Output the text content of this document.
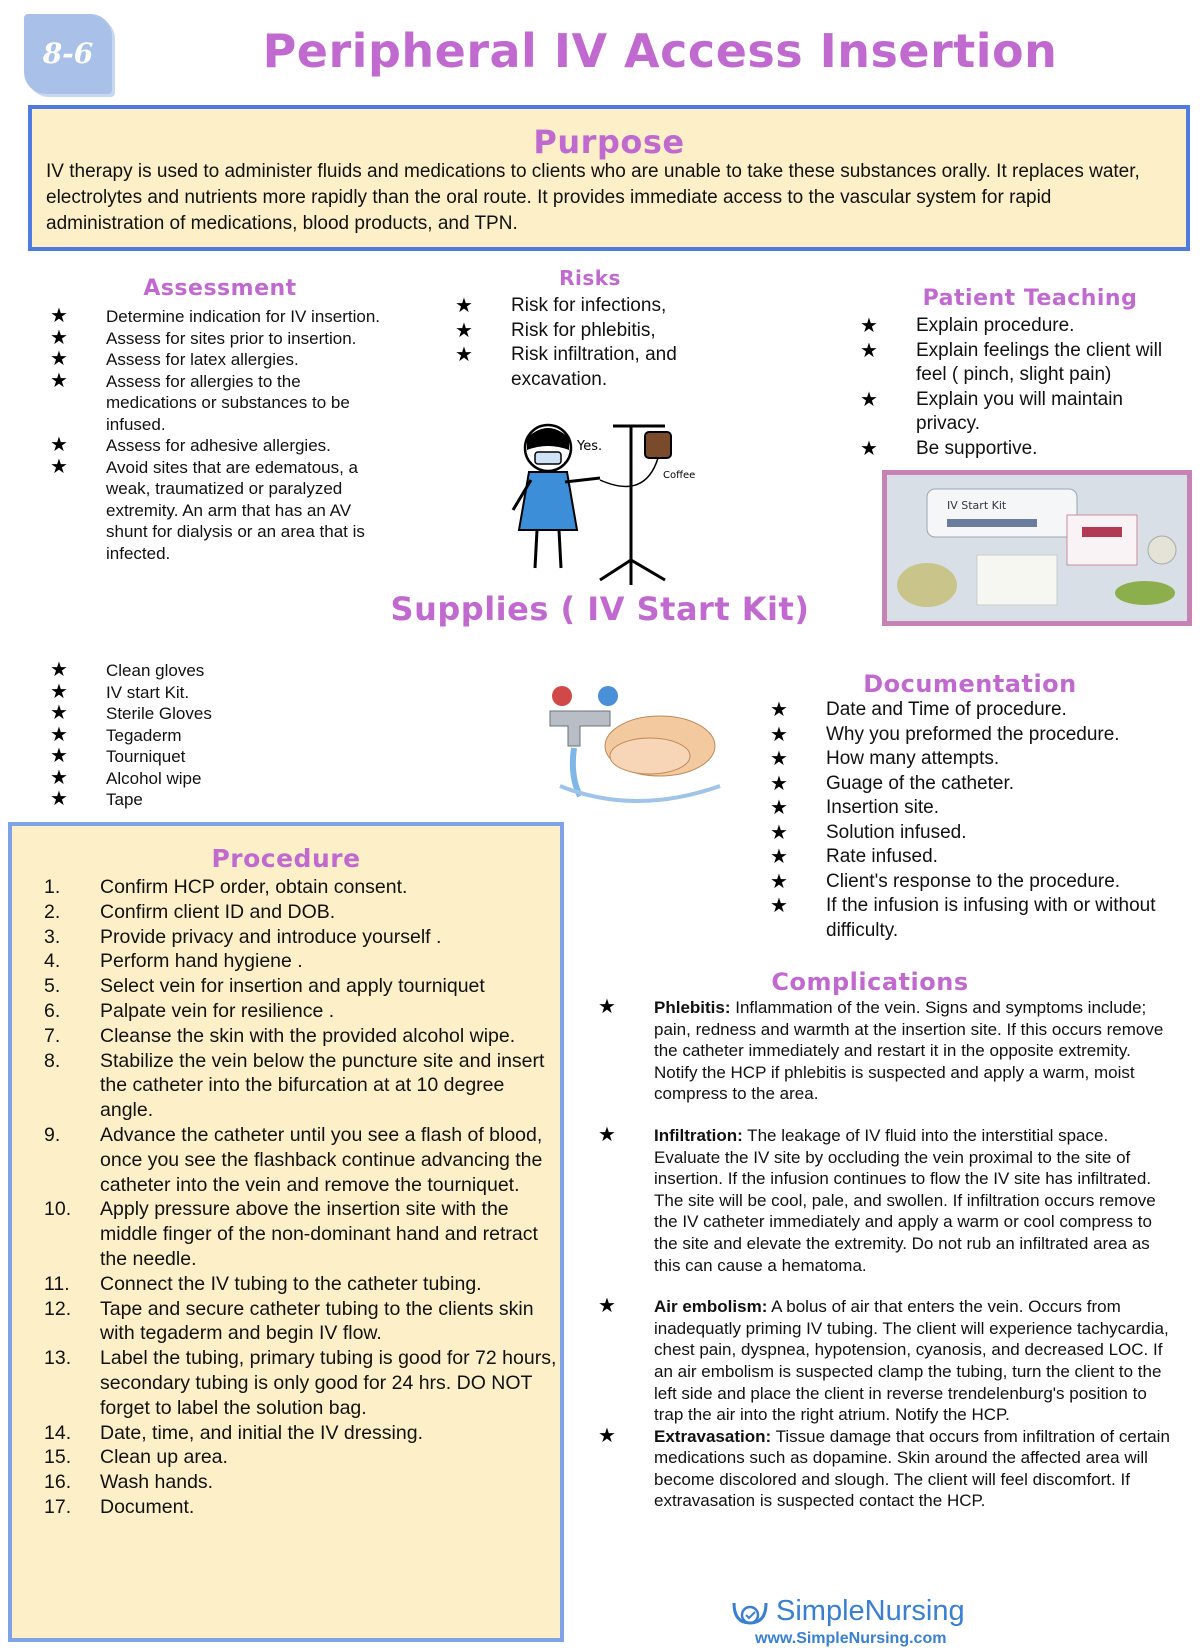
8-6	Peripheral IV Access Insertion
Purpose
IV therapy is used to administer fluids and medications to clients who are unable to take these substances orally. It replaces water, electrolytes and nutrients more rapidly than the oral route. It provides immediate access to the vascular system for rapid administration of medications, blood products, and TPN.
Assessment
★ Determine indication for IV insertion.
★ Assess for sites prior to insertion.
★ Assess for latex allergies.
★ Assess for allergies to the medications or substances to be infused.
★ Assess for adhesive allergies.
★ Avoid sites that are edematous, a weak, traumatized or paralyzed extremity. An arm that has an AV shunt for dialysis or an area that is infected.
Risks
★ Risk for infections,
★ Risk for phlebitis,
★ Risk infiltration, and excavation.
Yes.
Coffee
Patient Teaching
★ Explain procedure.
★ Explain feelings the client will feel ( pinch, slight pain)
★ Explain you will maintain privacy.
★ Be supportive.
IV Start Kit
Supplies ( IV Start Kit)
★ Clean gloves
★ IV start Kit.
★ Sterile Gloves
★ Tegaderm
★ Tourniquet
★ Alcohol wipe
★ Tape
Documentation
★ Date and Time of procedure.
★ Why you preformed the procedure.
★ How many attempts.
★ Guage of the catheter.
★ Insertion site.
★ Solution infused.
★ Rate infused.
★ Client's response to the procedure.
★ If the infusion is infusing with or without difficulty.
Procedure
1. Confirm HCP order, obtain consent.
2. Confirm client ID and DOB.
3. Provide privacy and introduce yourself .
4. Perform hand hygiene .
5. Select vein for insertion and apply tourniquet
6. Palpate vein for resilience .
7. Cleanse the skin with the provided alcohol wipe.
8. Stabilize the vein below the puncture site and insert the catheter into the bifurcation at at 10 degree angle.
9. Advance the catheter until you see a flash of blood, once you see the flashback continue advancing the catheter into the vein and remove the tourniquet.
10. Apply pressure above the insertion site with the middle finger of the non-dominant hand and retract the needle.
11. Connect the IV tubing to the catheter tubing.
12. Tape and secure catheter tubing to the clients skin with tegaderm and begin IV flow.
13. Label the tubing, primary tubing is good for 72 hours, secondary tubing is only good for 24 hrs. DO NOT forget to label the solution bag.
14. Date, time, and initial the IV dressing.
15. Clean up area.
16. Wash hands.
17. Document.
Complications
★ Phlebitis: Inflammation of the vein. Signs and symptoms include; pain, redness and warmth at the insertion site. If this occurs remove the catheter immediately and restart it in the opposite extremity. Notify the HCP if phlebitis is suspected and apply a warm, moist compress to the area.
★ Infiltration: The leakage of IV fluid into the interstitial space. Evaluate the IV site by occluding the vein proximal to the site of insertion. If the infusion continues to flow the IV site has infiltrated. The site will be cool, pale, and swollen. If infiltration occurs remove the IV catheter immediately and apply a warm or cool compress to the site and elevate the extremity. Do not rub an infiltrated area as this can cause a hematoma.
★ Air embolism: A bolus of air that enters the vein. Occurs from inadequatly priming IV tubing. The client will experience tachycardia, chest pain, dyspnea, hypotension, cyanosis, and decreased LOC. If an air embolism is suspected clamp the tubing, turn the client to the left side and place the client in reverse trendelenburg's position to trap the air into the right atrium. Notify the HCP.
★ Extravasation: Tissue damage that occurs from infiltration of certain medications such as dopamine. Skin around the affected area will become discolored and slough. The client will feel discomfort. If extravasation is suspected contact the HCP.
SimpleNursing
www.SimpleNursing.com
